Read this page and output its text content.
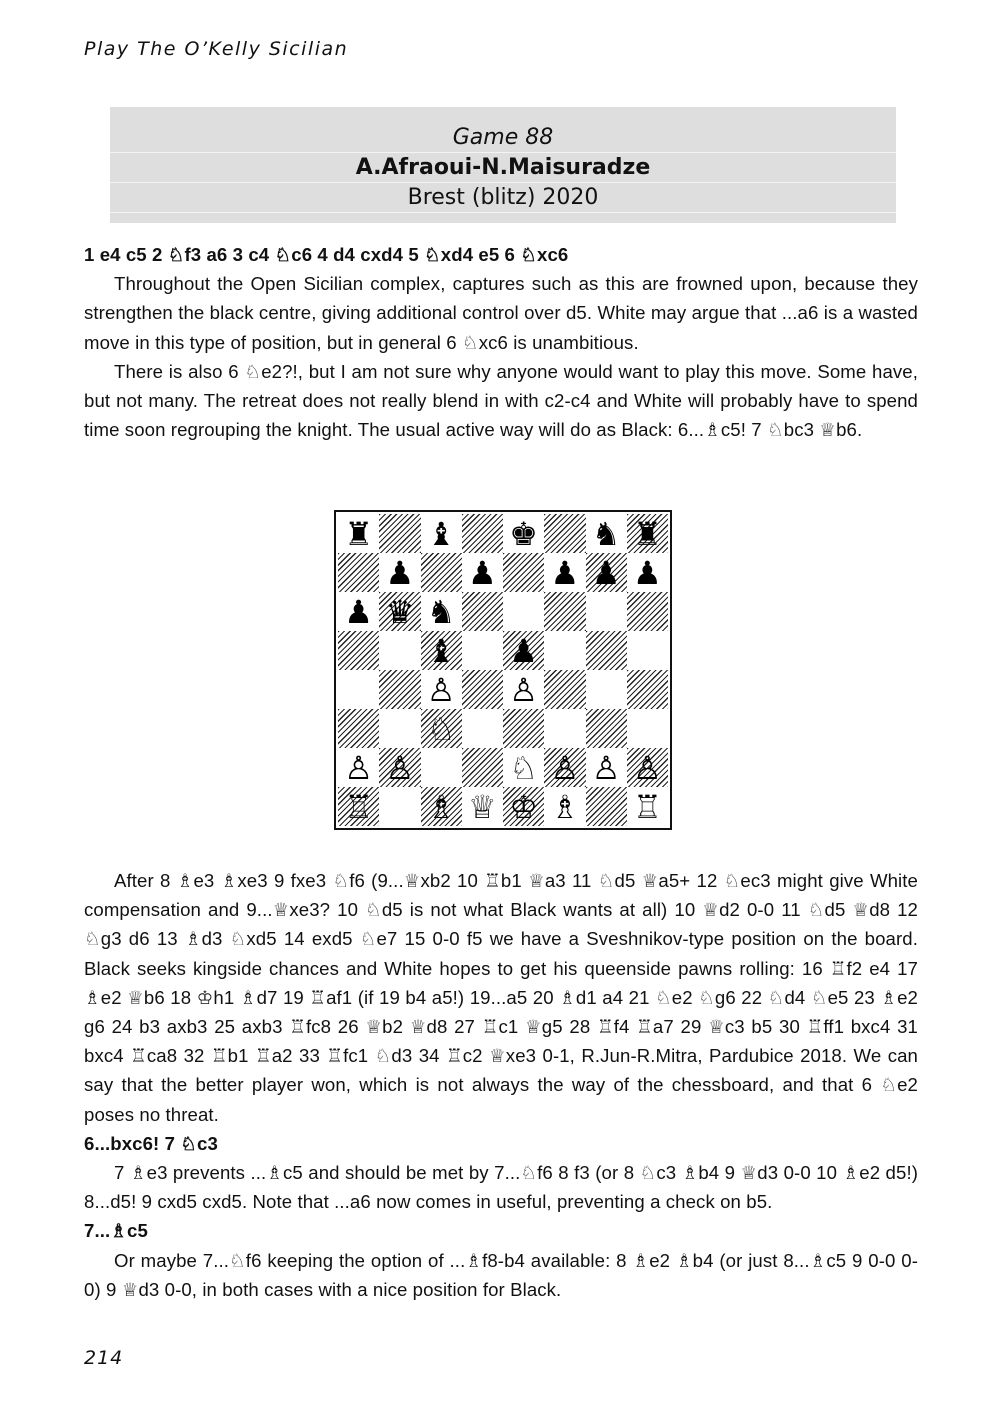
Play The O’Kelly Sicilian
Game 88
A.Afraoui-N.Maisuradze
Brest (blitz) 2020

1 e4 c5 2 ♘f3 a6 3 c4 ♘c6 4 d4 cxd4 5 ♘xd4 e5 6 ♘xc6

Throughout the Open Sicilian complex, captures such as this are frowned upon, because they strengthen the black centre, giving additional control over d5. White may argue that ...a6 is a wasted move in this type of position, but in general 6 ♘xc6 is unambitious.

There is also 6 ♘e2?!, but I am not sure why anyone would want to play this move. Some have, but not many. The retreat does not really blend in with c2-c4 and White will probably have to spend time soon regrouping the knight. The usual active way will do as Black: 6...♗c5! 7 ♘bc3 ♕b6.

♜ ♝ ♚ ♞ ♜
♟ ♟ ♟ ♟ ♟
♟ ♛ ♞
♝ ♟
♙ ♙
♘
♙ ♙	♘ ♙ ♙ ♙
♖ ♗ ♕ ♔ ♗ ♖

After 8 ♗e3 ♗xe3 9 fxe3 ♘f6 (9...♕xb2 10 ♖b1 ♕a3 11 ♘d5 ♕a5+ 12 ♘ec3 might give White compensation and 9...♕xe3? 10 ♘d5 is not what Black wants at all) 10 ♕d2 0-0 11 ♘d5 ♕d8 12 ♘g3 d6 13 ♗d3 ♘xd5 14 exd5 ♘e7 15 0-0 f5 we have a Sveshnikov-type position on the board. Black seeks kingside chances and White hopes to get his queenside pawns rolling: 16 ♖f2 e4 17 ♗e2 ♕b6 18 ♔h1 ♗d7 19 ♖af1 (if 19 b4 a5!) 19...a5 20 ♗d1 a4 21 ♘e2 ♘g6 22 ♘d4 ♘e5 23 ♗e2 g6 24 b3 axb3 25 axb3 ♖fc8 26 ♕b2 ♕d8 27 ♖c1 ♕g5 28 ♖f4 ♖a7 29 ♕c3 b5 30 ♖ff1 bxc4 31 bxc4 ♖ca8 32 ♖b1 ♖a2 33 ♖fc1 ♘d3 34 ♖c2 ♕xe3 0-1, R.Jun-R.Mitra, Pardubice 2018. We can say that the better player won, which is not always the way of the chessboard, and that 6 ♘e2 poses no threat.

6...bxc6! 7 ♘c3

7 ♗e3 prevents ...♗c5 and should be met by 7...♘f6 8 f3 (or 8 ♘c3 ♗b4 9 ♕d3 0-0 10 ♗e2 d5!) 8...d5! 9 cxd5 cxd5. Note that ...a6 now comes in useful, preventing a check on b5.

7...♗c5

Or maybe 7...♘f6 keeping the option of ...♗f8-b4 available: 8 ♗e2 ♗b4 (or just 8...♗c5 9 0-0 0-0) 9 ♕d3 0-0, in both cases with a nice position for Black.

214
